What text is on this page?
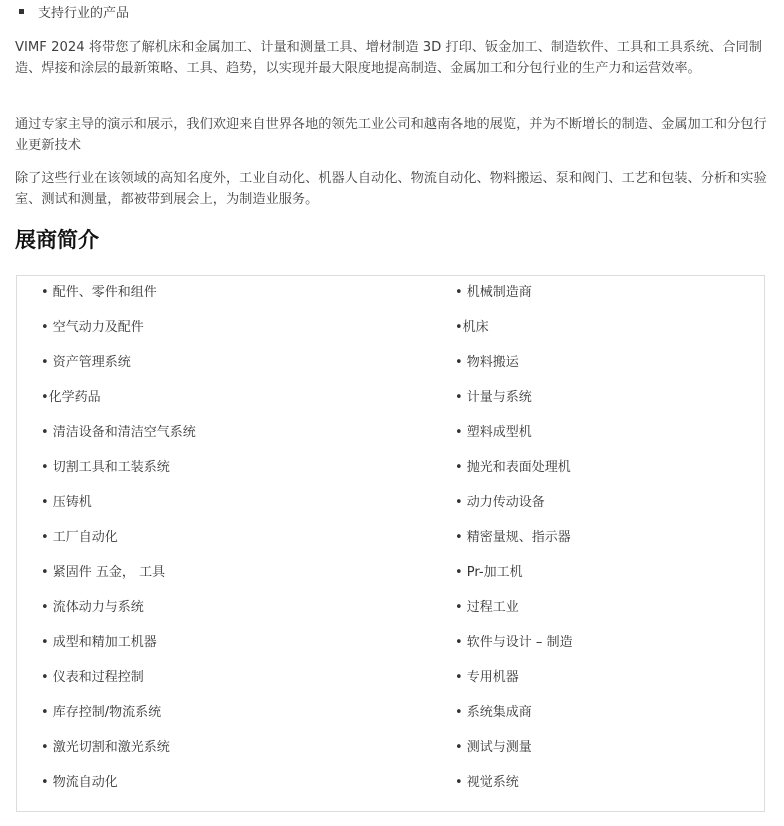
支持行业的产品

VIMF 2024 将带您了解机床和金属加工、计量和测量工具、增材制造 3D 打印、钣金加工、制造软件、工具和工具系统、合同制造、焊接和涂层的最新策略、工具、趋势，以实现并最大限度地提高制造、金属加工和分包行业的生产力和运营效率。

通过专家主导的演示和展示，我们欢迎来自世界各地的领先工业公司和越南各地的展览，并为不断增长的制造、金属加工和分包行业更新技术

除了这些行业在该领域的高知名度外，工业自动化、机器人自动化、物流自动化、物料搬运、泵和阀门、工艺和包装、分析和实验室、测试和测量，都被带到展会上，为制造业服务。

展商简介
• 配件、零件和组件
• 空气动力及配件
• 资产管理系统
•化学药品
• 清洁设备和清洁空气系统
• 切割工具和工装系统
• 压铸机
• 工厂自动化
• 紧固件 五金， 工具
• 流体动力与系统
• 成型和精加工机器
• 仪表和过程控制
• 库存控制/物流系统
• 激光切割和激光系统
• 物流自动化
• 机械制造商
•机床
• 物料搬运
• 计量与系统
• 塑料成型机
• 抛光和表面处理机
• 动力传动设备
• 精密量规、指示器
• Pr-加工机
• 过程工业
• 软件与设计 – 制造
• 专用机器
• 系统集成商
• 测试与测量
• 视觉系统
